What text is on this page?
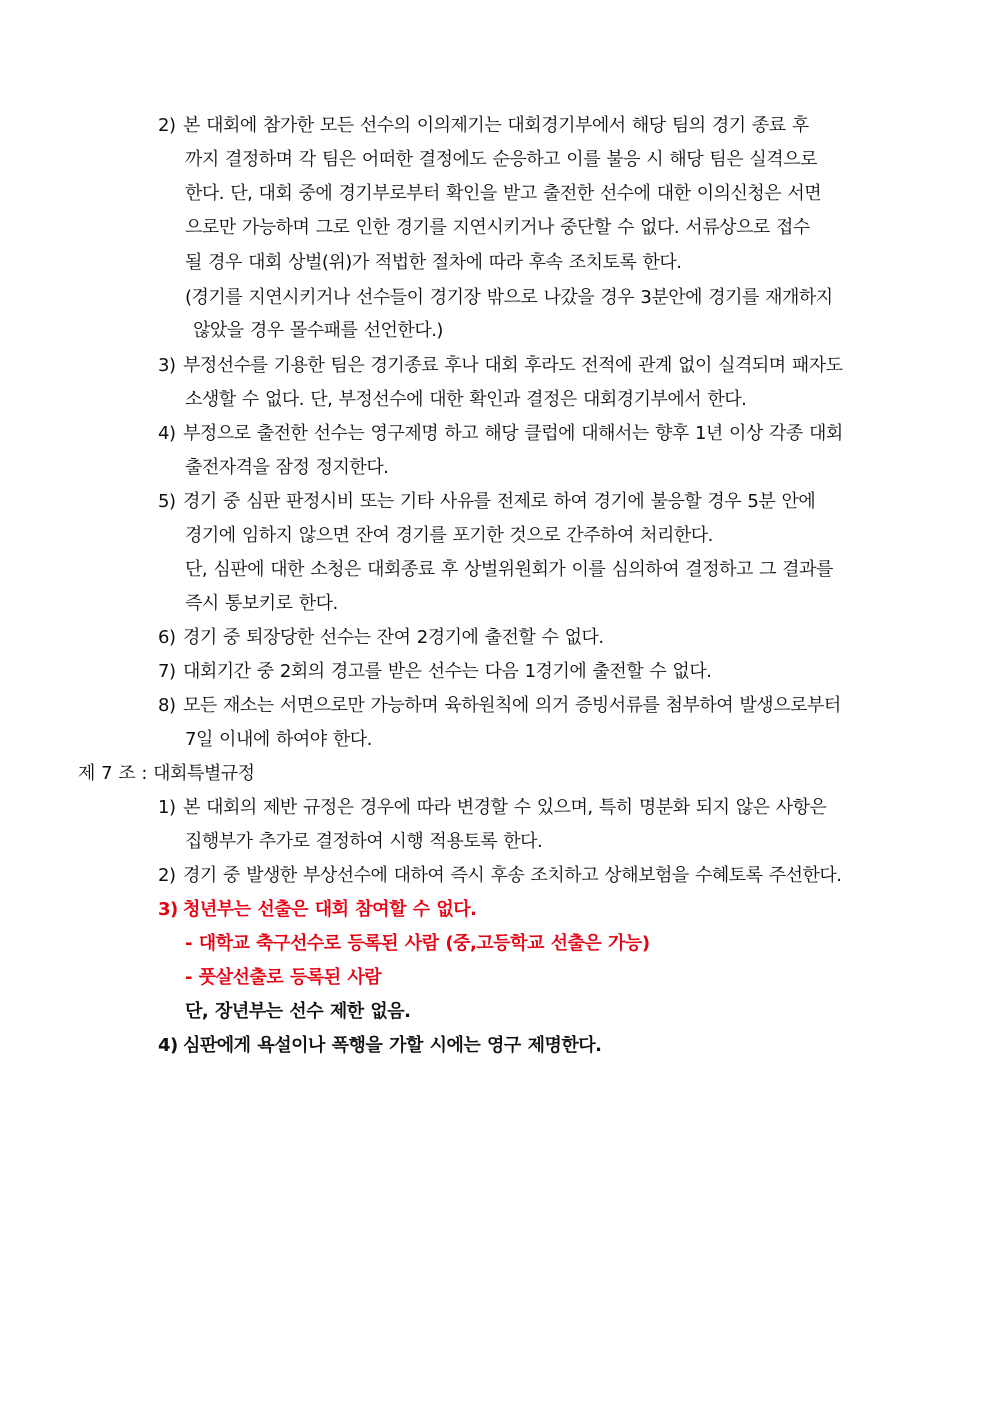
2) 본 대회에 참가한 모든 선수의 이의제기는 대회경기부에서 해당 팀의 경기 종료 후

까지 결정하며 각 팀은 어떠한 결정에도 순응하고 이를 불응 시 해당 팀은 실격으로

한다. 단, 대회 중에 경기부로부터 확인을 받고 출전한 선수에 대한 이의신청은 서면

으로만 가능하며 그로 인한 경기를 지연시키거나 중단할 수 없다. 서류상으로 접수

될 경우 대회 상벌(위)가 적법한 절차에 따라 후속 조치토록 한다.

(경기를 지연시키거나 선수들이 경기장 밖으로 나갔을 경우 3분안에 경기를 재개하지

않았을 경우 몰수패를 선언한다.)

3) 부정선수를 기용한 팀은 경기종료 후나 대회 후라도 전적에 관계 없이 실격되며 패자도

소생할 수 없다. 단, 부정선수에 대한 확인과 결정은 대회경기부에서 한다.

4) 부정으로 출전한 선수는 영구제명 하고 해당 클럽에 대해서는 향후 1년 이상 각종 대회

출전자격을 잠정 정지한다.

5) 경기 중 심판 판정시비 또는 기타 사유를 전제로 하여 경기에 불응할 경우 5분 안에

경기에 임하지 않으면 잔여 경기를 포기한 것으로 간주하여 처리한다.

단, 심판에 대한 소청은 대회종료 후 상벌위원회가 이를 심의하여 결정하고 그 결과를

즉시 통보키로 한다.

6) 경기 중 퇴장당한 선수는 잔여 2경기에 출전할 수 없다.

7) 대회기간 중 2회의 경고를 받은 선수는 다음 1경기에 출전할 수 없다.

8) 모든 재소는 서면으로만 가능하며 육하원칙에 의거 증빙서류를 첨부하여 발생으로부터

7일 이내에 하여야 한다.

제 7 조 : 대회특별규정

1) 본 대회의 제반 규정은 경우에 따라 변경할 수 있으며, 특히 명분화 되지 않은 사항은

집행부가 추가로 결정하여 시행 적용토록 한다.

2) 경기 중 발생한 부상선수에 대하여 즉시 후송 조치하고 상해보험을 수혜토록 주선한다.

3) 청년부는 선출은 대회 참여할 수 없다.

- 대학교 축구선수로 등록된 사람 (중,고등학교 선출은 가능)

- 풋살선출로 등록된 사람

단, 장년부는 선수 제한 없음.

4) 심판에게 욕설이나 폭행을 가할 시에는 영구 제명한다.
